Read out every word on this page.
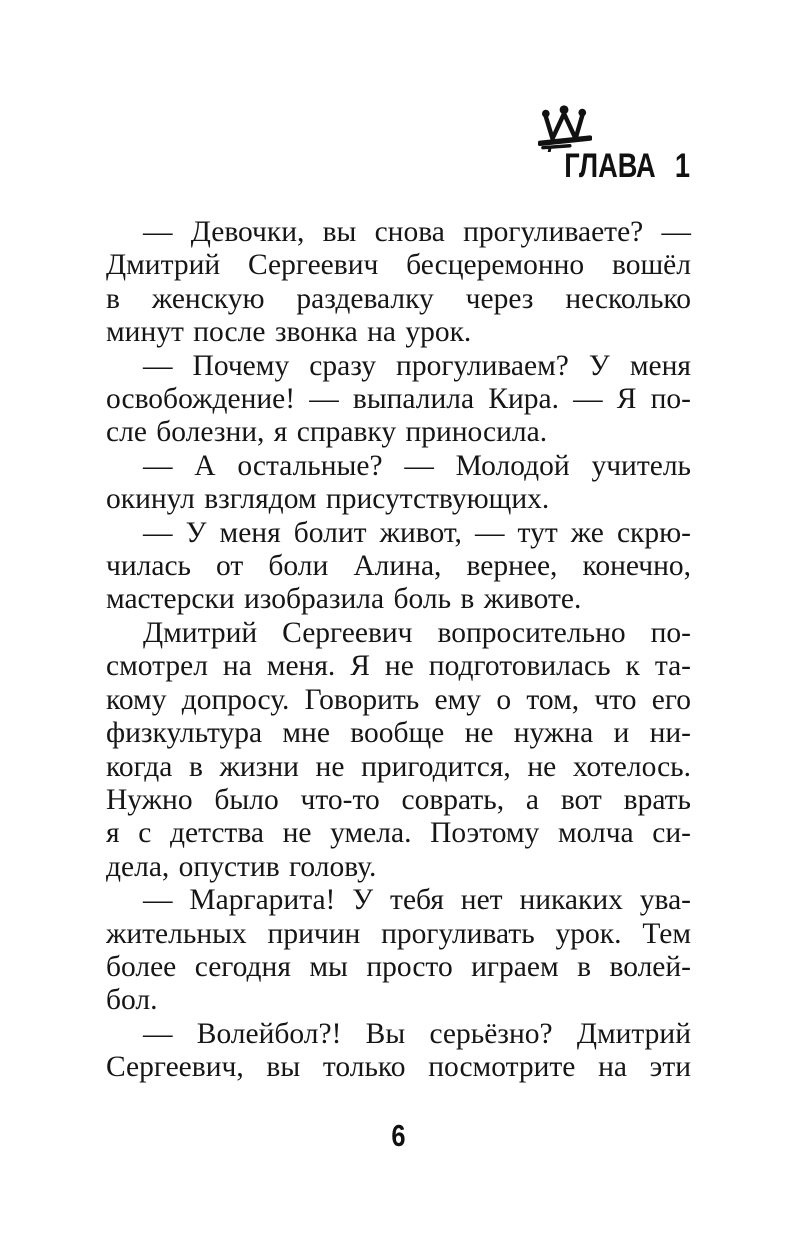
ГЛАВА 1
— Девочки, вы снова прогуливаете? —
Дмитрий Сергеевич бесцеремонно вошёл
в женскую раздевалку через несколько
минут после звонка на урок.
— Почему сразу прогуливаем? У меня
освобождение! — выпалила Кира. — Я по-
сле болезни, я справку приносила.
— А остальные? — Молодой учитель
окинул взглядом присутствующих.
— У меня болит живот, — тут же скрю-
чилась от боли Алина, вернее, конечно,
мастерски изобразила боль в животе.
Дмитрий Сергеевич вопросительно по-
смотрел на меня. Я не подготовилась к та-
кому допросу. Говорить ему о том, что его
физкультура мне вообще не нужна и ни-
когда в жизни не пригодится, не хотелось.
Нужно было что-то соврать, а вот врать
я с детства не умела. Поэтому молча си-
дела, опустив голову.
— Маргарита! У тебя нет никаких ува-
жительных причин прогуливать урок. Тем
более сегодня мы просто играем в волей-
бол.
— Волейбол?! Вы серьёзно? Дмитрий
Сергеевич, вы только посмотрите на эти
6
